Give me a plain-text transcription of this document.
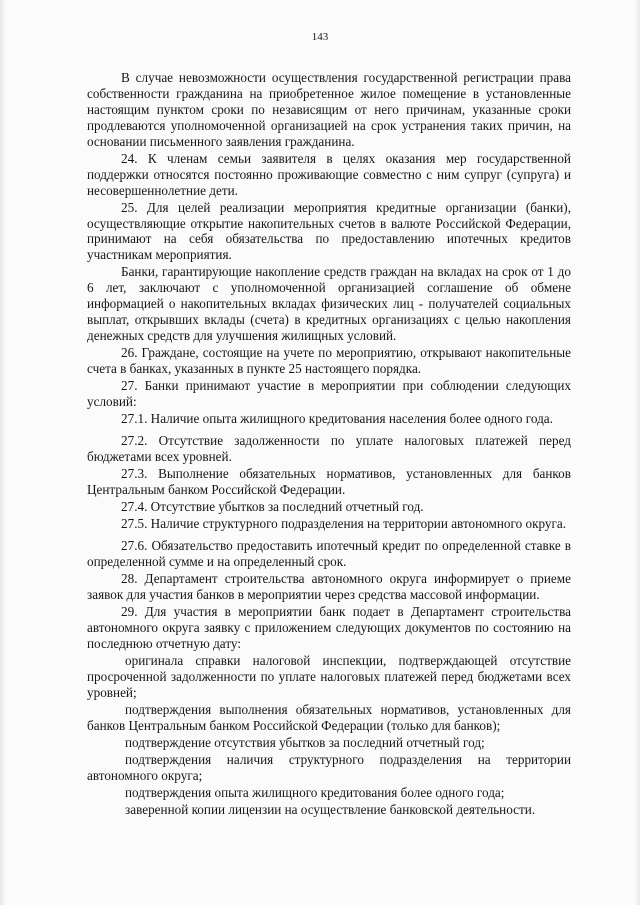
143

В случае невозможности осуществления государственной регистрации права собственности гражданина на приобретенное жилое помещение в установленные настоящим пунктом сроки по независящим от него причинам, указанные сроки продлеваются уполномоченной организацией на срок устранения таких причин, на основании письменного заявления гражданина.

24. К членам семьи заявителя в целях оказания мер государственной поддержки относятся постоянно проживающие совместно с ним супруг (супруга) и несовершеннолетние дети.

25. Для целей реализации мероприятия кредитные организации (банки), осуществляющие открытие накопительных счетов в валюте Российской Федерации, принимают на себя обязательства по предоставлению ипотечных кредитов участникам мероприятия.

Банки, гарантирующие накопление средств граждан на вкладах на срок от 1 до 6 лет, заключают с уполномоченной организацией соглашение об обмене информацией о накопительных вкладах физических лиц - получателей социальных выплат, открывших вклады (счета) в кредитных организациях с целью накопления денежных средств для улучшения жилищных условий.

26. Граждане, состоящие на учете по мероприятию, открывают накопительные счета в банках, указанных в пункте 25 настоящего порядка.

27. Банки принимают участие в мероприятии при соблюдении следующих условий:

27.1. Наличие опыта жилищного кредитования населения более одного года.

27.2. Отсутствие задолженности по уплате налоговых платежей перед бюджетами всех уровней.

27.3. Выполнение обязательных нормативов, установленных для банков Центральным банком Российской Федерации.

27.4. Отсутствие убытков за последний отчетный год.

27.5. Наличие структурного подразделения на территории автономного округа.

27.6. Обязательство предоставить ипотечный кредит по определенной ставке в определенной сумме и на определенный срок.

28. Департамент строительства автономного округа информирует о приеме заявок для участия банков в мероприятии через средства массовой информации.

29. Для участия в мероприятии банк подает в Департамент строительства автономного округа заявку с приложением следующих документов по состоянию на последнюю отчетную дату:

оригинала справки налоговой инспекции, подтверждающей отсутствие просроченной задолженности по уплате налоговых платежей перед бюджетами всех уровней;

подтверждения выполнения обязательных нормативов, установленных для банков Центральным банком Российской Федерации (только для банков);

подтверждение отсутствия убытков за последний отчетный год;

подтверждения наличия структурного подразделения на территории автономного округа;

подтверждения опыта жилищного кредитования более одного года;

заверенной копии лицензии на осуществление банковской деятельности.
